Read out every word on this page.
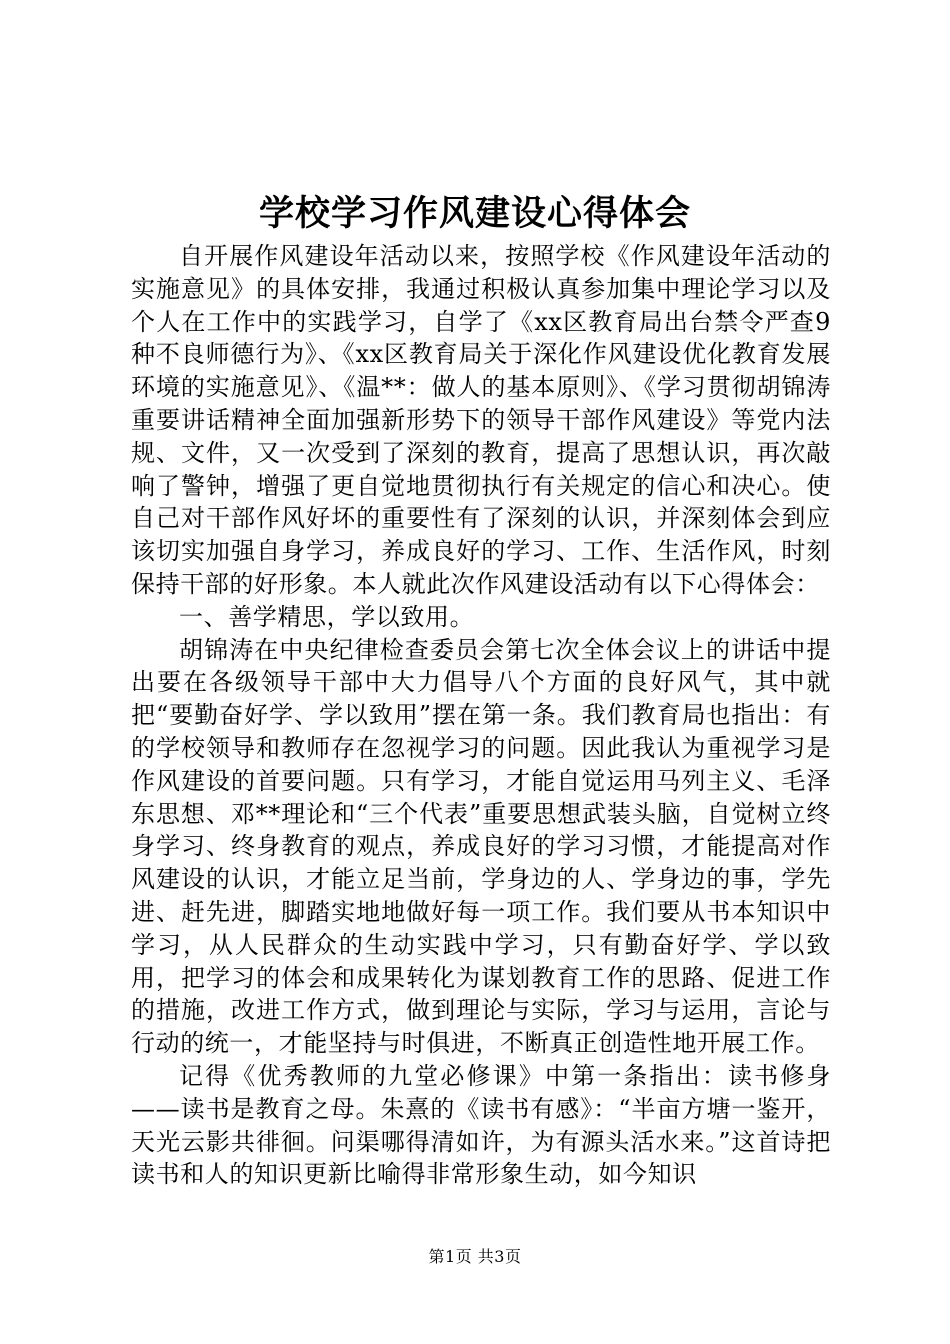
学校学习作风建设心得体会

自开展作风建设年活动以来，按照学校《作风建设年活动的实施意见》的具体安排，我通过积极认真参加集中理论学习以及个人在工作中的实践学习，自学了《xx区教育局出台禁令严查9种不良师德行为》、《xx区教育局关于深化作风建设优化教育发展环境的实施意见》、《温**：做人的基本原则》、《学习贯彻胡锦涛重要讲话精神全面加强新形势下的领导干部作风建设》等党内法规、文件，又一次受到了深刻的教育，提高了思想认识，再次敲响了警钟，增强了更自觉地贯彻执行有关规定的信心和决心。使自己对干部作风好坏的重要性有了深刻的认识，并深刻体会到应该切实加强自身学习，养成良好的学习、工作、生活作风，时刻保持干部的好形象。本人就此次作风建设活动有以下心得体会：

一、善学精思，学以致用。

胡锦涛在中央纪律检查委员会第七次全体会议上的讲话中提出要在各级领导干部中大力倡导八个方面的良好风气，其中就把“要勤奋好学、学以致用”摆在第一条。我们教育局也指出：有的学校领导和教师存在忽视学习的问题。因此我认为重视学习是作风建设的首要问题。只有学习，才能自觉运用马列主义、毛泽东思想、邓**理论和“三个代表”重要思想武装头脑，自觉树立终身学习、终身教育的观点，养成良好的学习习惯，才能提高对作风建设的认识，才能立足当前，学身边的人、学身边的事，学先进、赶先进，脚踏实地地做好每一项工作。我们要从书本知识中学习，从人民群众的生动实践中学习，只有勤奋好学、学以致用，把学习的体会和成果转化为谋划教育工作的思路、促进工作的措施，改进工作方式，做到理论与实际，学习与运用，言论与行动的统一，才能坚持与时俱进，不断真正创造性地开展工作。

记得《优秀教师的九堂必修课》中第一条指出：读书修身——读书是教育之母。朱熹的《读书有感》：“半亩方塘一鉴开，天光云影共徘徊。问渠哪得清如许，为有源头活水来。”这首诗把读书和人的知识更新比喻得非常形象生动，如今知识

第1页 共3页
